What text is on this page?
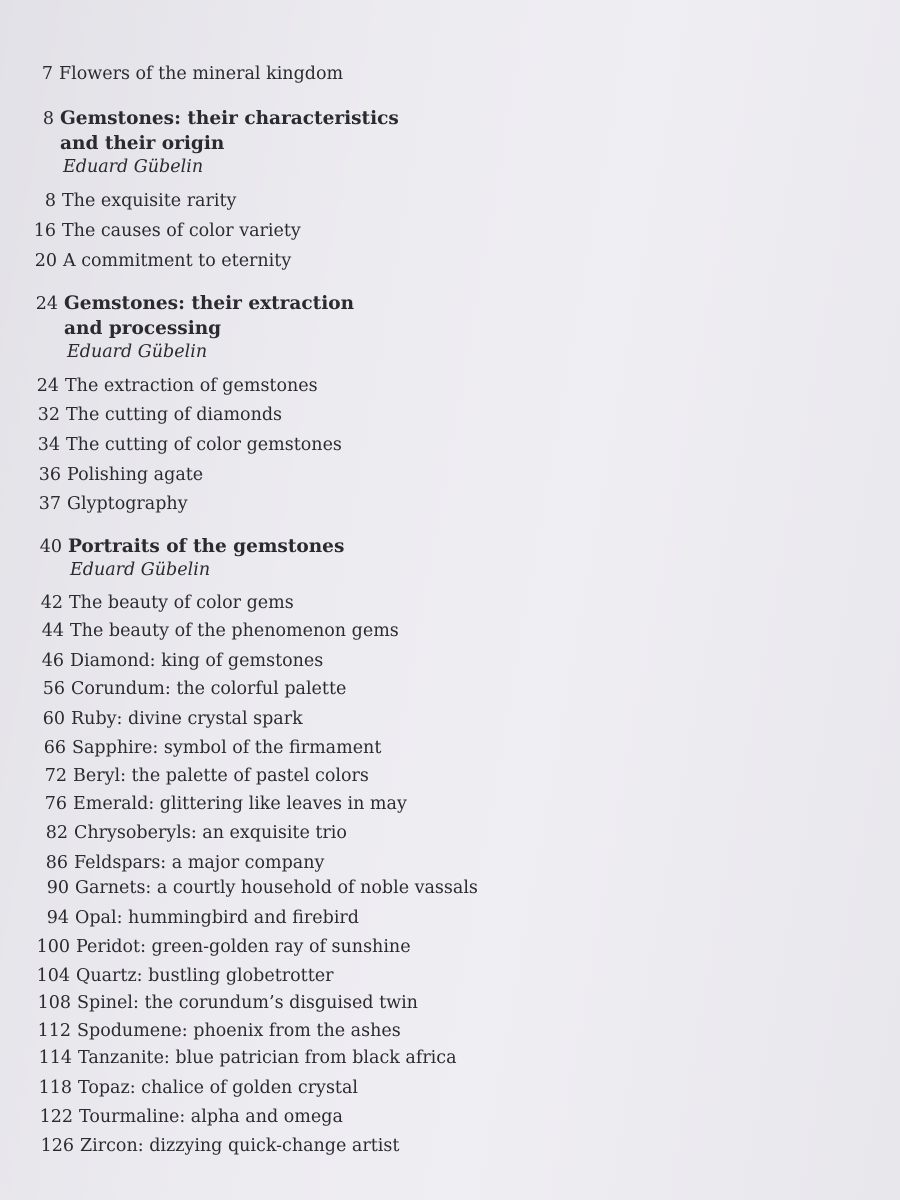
7 Flowers of the mineral kingdom
8 Gemstones: their characteristics
and their origin
Eduard Gübelin
8 The exquisite rarity
16 The causes of color variety
20 A commitment to eternity
24 Gemstones: their extraction
and processing
Eduard Gübelin
24 The extraction of gemstones
32 The cutting of diamonds
34 The cutting of color gemstones
36 Polishing agate
37 Glyptography
40 Portraits of the gemstones
Eduard Gübelin
42 The beauty of color gems
44 The beauty of the phenomenon gems
46 Diamond: king of gemstones
56 Corundum: the colorful palette
60 Ruby: divine crystal spark
66 Sapphire: symbol of the firmament
72 Beryl: the palette of pastel colors
76 Emerald: glittering like leaves in may
82 Chrysoberyls: an exquisite trio
86 Feldspars: a major company
90 Garnets: a courtly household of noble vassals
94 Opal: hummingbird and firebird
100 Peridot: green-golden ray of sunshine
104 Quartz: bustling globetrotter
108 Spinel: the corundum’s disguised twin
112 Spodumene: phoenix from the ashes
114 Tanzanite: blue patrician from black africa
118 Topaz: chalice of golden crystal
122 Tourmaline: alpha and omega
126 Zircon: dizzying quick-change artist
